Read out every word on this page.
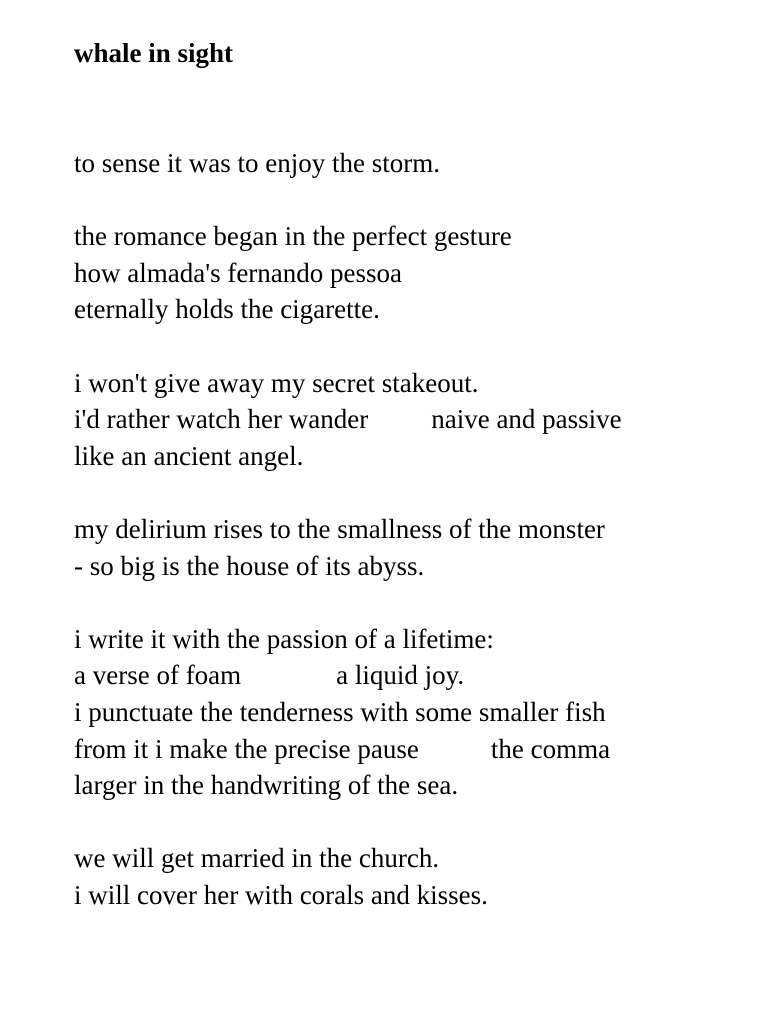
whale in sight
to sense it was to enjoy the storm.
the romance began in the perfect gesture
how almada's fernando pessoa
eternally holds the cigarette.
i won't give away my secret stakeout.
i'd rather watch her wander naive and passive
like an ancient angel.
my delirium rises to the smallness of the monster
- so big is the house of its abyss.
i write it with the passion of a lifetime:
a verse of foam	a liquid joy.
i punctuate the tenderness with some smaller fish
from it i make the precise pause	the comma
larger in the handwriting of the sea.
we will get married in the church.
i will cover her with corals and kisses.
